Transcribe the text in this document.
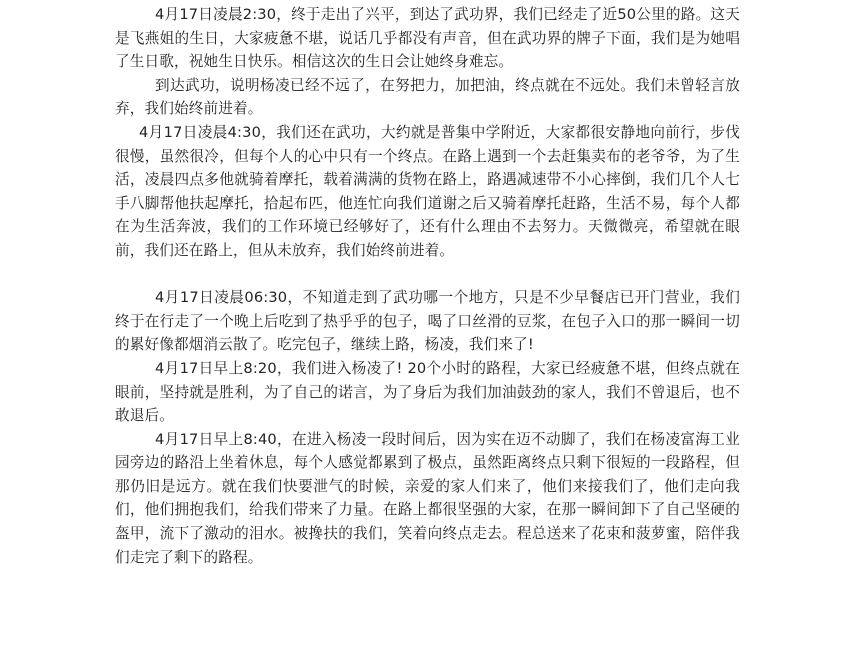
4月17日凌晨2:30，终于走出了兴平，到达了武功界，我们已经走了近50公里的路。这天是飞燕姐的生日，大家疲惫不堪，说话几乎都没有声音，但在武功界的牌子下面，我们是为她唱了生日歌，祝她生日快乐。相信这次的生日会让她终身难忘。

到达武功，说明杨凌已经不远了，在努把力，加把油，终点就在不远处。我们未曾轻言放弃，我们始终前进着。

4月17日凌晨4:30，我们还在武功，大约就是普集中学附近，大家都很安静地向前行，步伐很慢，虽然很冷，但每个人的心中只有一个终点。在路上遇到一个去赶集卖布的老爷爷，为了生活，凌晨四点多他就骑着摩托，载着满满的货物在路上，路遇减速带不小心摔倒，我们几个人七手八脚帮他扶起摩托，拾起布匹，他连忙向我们道谢之后又骑着摩托赶路，生活不易，每个人都在为生活奔波，我们的工作环境已经够好了，还有什么理由不去努力。天微微亮，希望就在眼前，我们还在路上，但从未放弃，我们始终前进着。

4月17日凌晨06:30，不知道走到了武功哪一个地方，只是不少早餐店已开门营业，我们终于在行走了一个晚上后吃到了热乎乎的包子，喝了口丝滑的豆浆，在包子入口的那一瞬间一切的累好像都烟消云散了。吃完包子，继续上路，杨凌，我们来了!

4月17日早上8:20，我们进入杨凌了! 20个小时的路程，大家已经疲惫不堪，但终点就在眼前，坚持就是胜利，为了自己的诺言，为了身后为我们加油鼓劲的家人，我们不曾退后，也不敢退后。

4月17日早上8:40，在进入杨凌一段时间后，因为实在迈不动脚了，我们在杨凌富海工业园旁边的路沿上坐着休息，每个人感觉都累到了极点，虽然距离终点只剩下很短的一段路程，但那仍旧是远方。就在我们快要泄气的时候，亲爱的家人们来了，他们来接我们了，他们走向我们，他们拥抱我们，给我们带来了力量。在路上都很坚强的大家，在那一瞬间卸下了自己坚硬的盔甲，流下了激动的泪水。被搀扶的我们，笑着向终点走去。程总送来了花束和菠萝蜜，陪伴我们走完了剩下的路程。
